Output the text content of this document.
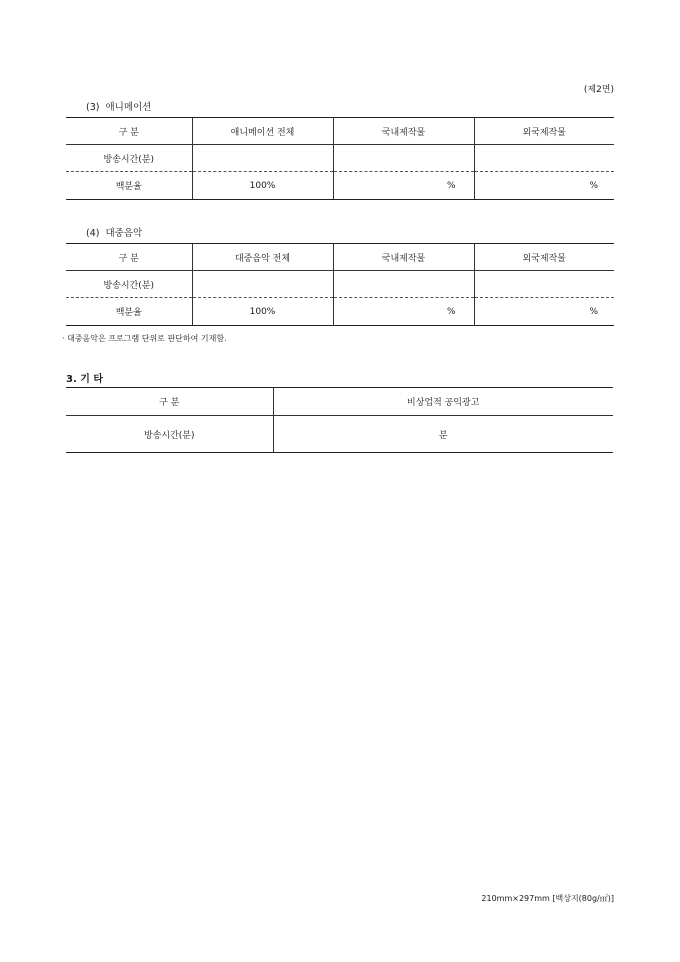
(제2면)
(3) 애니메이션
구 분	애니메이션 전체	국내제작물	외국제작물
방송시간(분)			
백분율	100%	%	%
(4) 대중음악
구 분	대중음악 전체	국내제작물	외국제작물
방송시간(분)			
백분율	100%	%	%
· 대중음악은 프로그램 단위로 판단하여 기재함.
3. 기 타
구 분	비상업적 공익광고
방송시간(분)	분
210mm×297mm [백상지(80g/㎡)]
